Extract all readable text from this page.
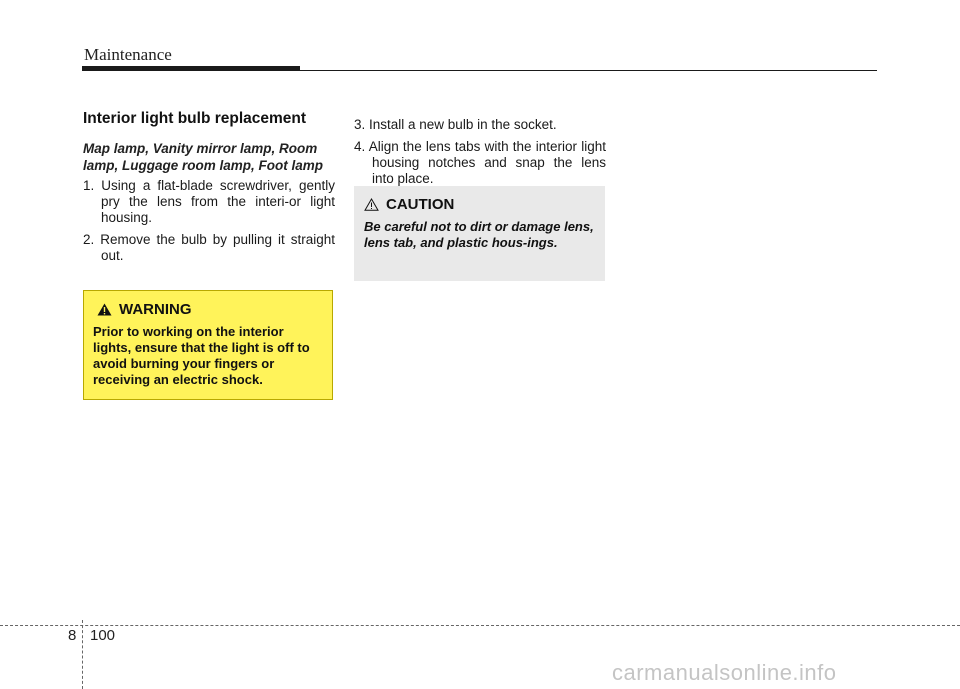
Maintenance
Interior light bulb replacement
Map lamp, Vanity mirror lamp, Room lamp, Luggage room lamp, Foot lamp

1. Using a flat-blade screwdriver, gently pry the lens from the interi-or light housing.

2. Remove the bulb by pulling it straight out.

WARNING
Prior to working on the interior lights, ensure that the light is off to avoid burning your fingers or receiving an electric shock.

3. Install a new bulb in the socket.

4. Align the lens tabs with the interior light housing notches and snap the lens into place.

CAUTION
Be careful not to dirt or damage lens, lens tab, and plastic hous-ings.
8 100
carmanualsonline.info
